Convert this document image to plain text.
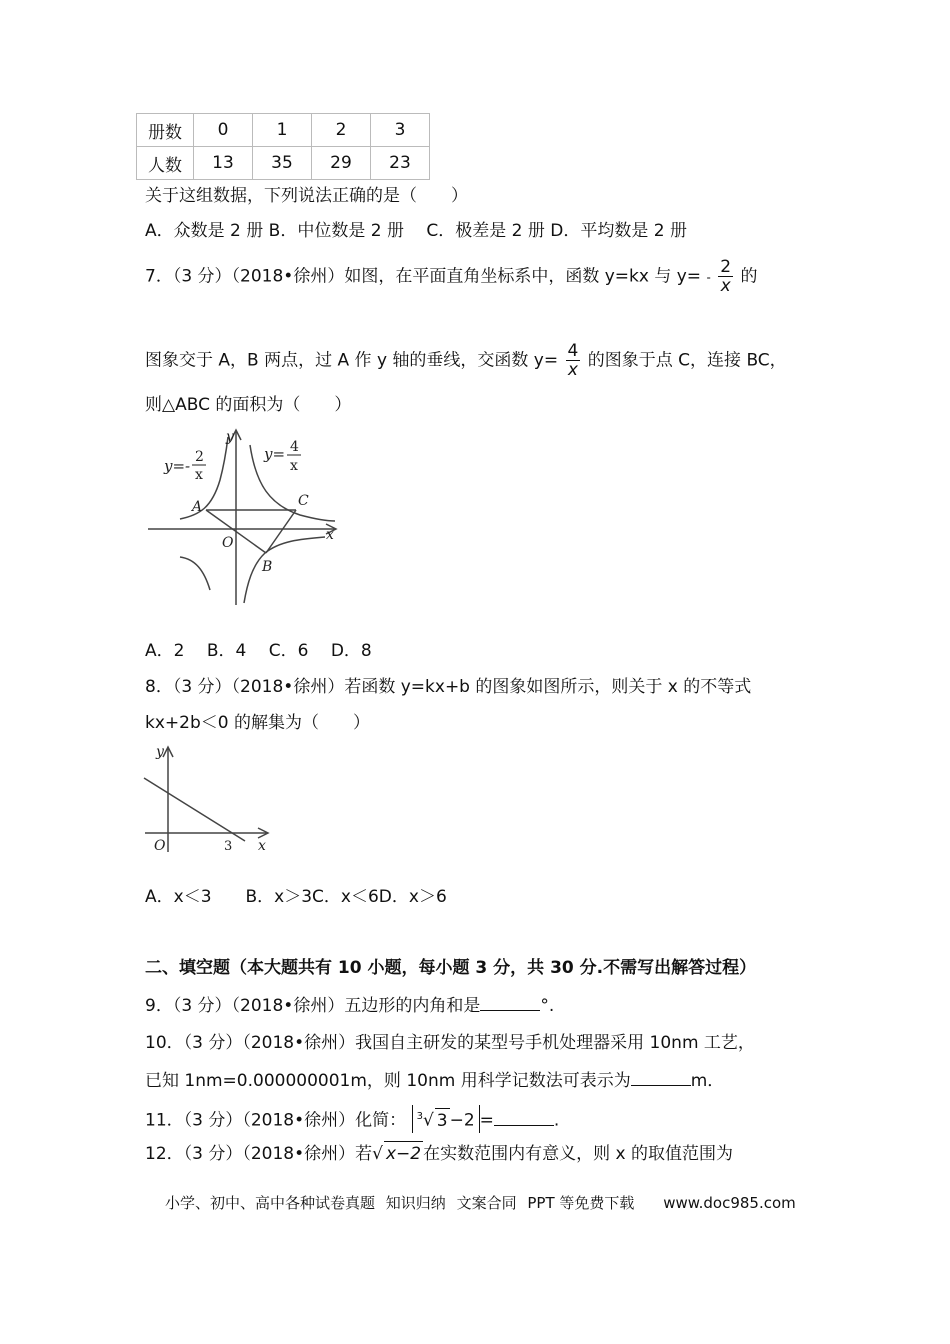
册数	0	1	2	3
人数	13	35	29	23
关于这组数据，下列说法正确的是（　　）
A．众数是 2 册 B．中位数是 2 册 　C．极差是 2 册 D．平均数是 2 册
7．（3 分）（2018•徐州）如图，在平面直角坐标系中，函数 y=kx 与 $y= - \frac{2}{x}$ 的
图象交于 A，B 两点，过 A 作 y 轴的垂线，交函数 $y= \frac{4}{x}$ 的图象于点 C，连接 BC，
则△ABC 的面积为（　　）
y=- 2
x
y= 4
x
y
x
O
A
B
C
A．2　 B．4　 C．6　 D．8
8．（3 分）（2018•徐州）若函数 y=kx+b 的图象如图所示，则关于 x 的不等式
kx+2b＜0 的解集为（　　）
y
x
O	3
A．x＜3　　B．x＞3C．x＜6D．x＞6
二、填空题（本大题共有 10 小题，每小题 3 分，共 30 分.不需写出解答过程）
9．（3 分）（2018•徐州）五边形的内角和是	°.
10．（3 分）（2018•徐州）我国自主研发的某型号手机处理器采用 10nm 工艺，
已知 1nm=0.000000001m，则 10nm 用科学记数法可表示为	m．
11．（3 分）（2018•徐州）化简： $^3$√ 3 −2 =	.
12．（3 分）（2018•徐州）若√ x−2 在实数范围内有意义，则 x 的取值范围为
小学、初中、高中各种试卷真题 知识归纳 文案合同 PPT 等免费下载 www.doc985.com
